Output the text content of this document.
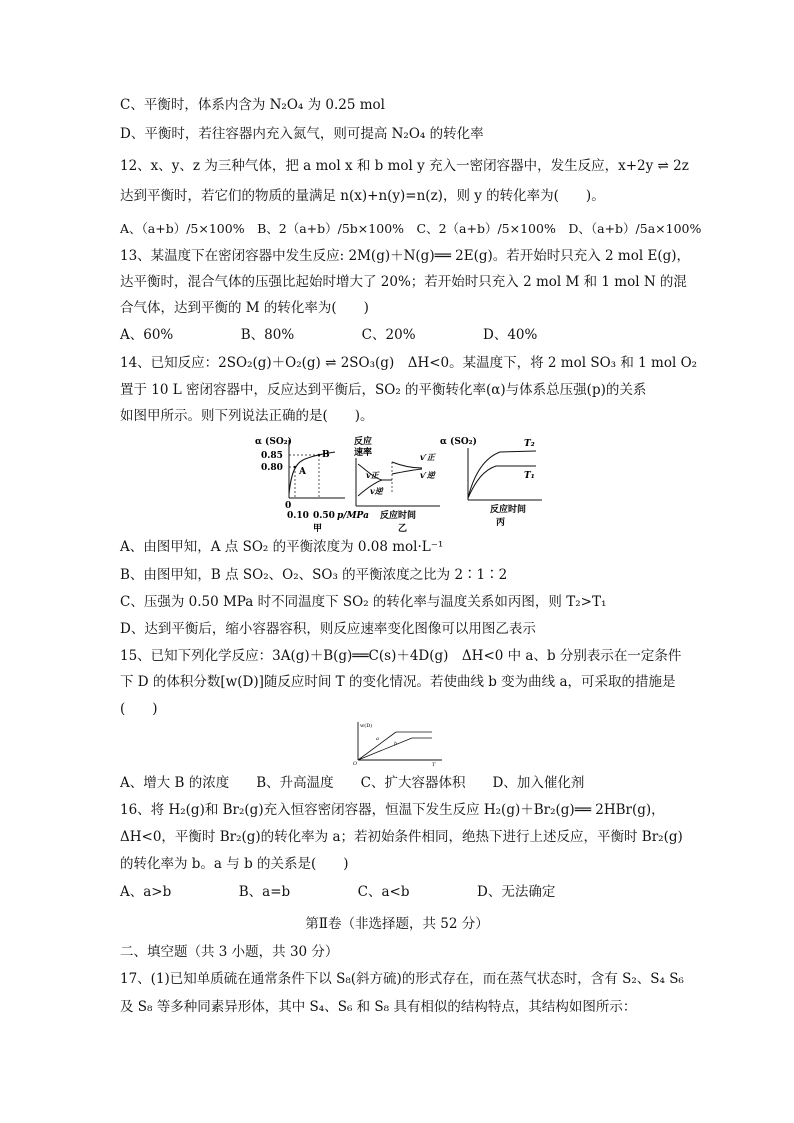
C、平衡时，体系内含为 N₂O₄ 为 0.25 mol
D、平衡时，若往容器内充入氮气，则可提高 N₂O₄ 的转化率
12、x、y、z 为三种气体，把 a mol x 和 b mol y 充入一密闭容器中，发生反应，x+2y ⇌ 2z
达到平衡时，若它们的物质的量满足 n(x)+n(y)=n(z)，则 y 的转化率为(　　)。
A、（a+b）/5×100%　B、2（a+b）/5b×100%　C、2（a+b）/5×100%　D、（a+b）/5a×100%
13、某温度下在密闭容器中发生反应: 2M(g)＋N(g)══ 2E(g)。若开始时只充入 2 mol E(g)，
达平衡时，混合气体的压强比起始时增大了 20%；若开始时只充入 2 mol M 和 1 mol N 的混
合气体，达到平衡的 M 的转化率为(　　)
A、60%　　　　　B、80%　　　　　C、20%　　　　　D、40%
14、已知反应：2SO₂(g)＋O₂(g) ⇌ 2SO₃(g)　ΔH<0。某温度下，将 2 mol SO₃ 和 1 mol O₂
置于 10 L 密闭容器中，反应达到平衡后，SO₂ 的平衡转化率(α)与体系总压强(p)的关系
如图甲所示。则下列说法正确的是(　　)。
α (SO₂)
0.85
0.80 A
B
0
0.10 0.50 p/MPa
甲
反应
速率	v′正
v′逆
v正
v逆
反应时间
乙
α (SO₂)	T₂
T₁
反应时间
丙
A、由图甲知，A 点 SO₂ 的平衡浓度为 0.08 mol·L⁻¹
B、由图甲知，B 点 SO₂、O₂、SO₃ 的平衡浓度之比为 2∶1∶2
C、压强为 0.50 MPa 时不同温度下 SO₂ 的转化率与温度关系如丙图，则 T₂>T₁
D、达到平衡后，缩小容器容积，则反应速率变化图像可以用图乙表示
15、已知下列化学反应：3A(g)＋B(g)══C(s)＋4D(g)　ΔH<0 中 a、b 分别表示在一定条件
下 D 的体积分数[w(D)]随反应时间 T 的变化情况。若使曲线 b 变为曲线 a，可采取的措施是
(　　)
w(D)
a
b
O	T
A、增大 B 的浓度　　B、升高温度　　C、扩大容器体积　　D、加入催化剂
16、将 H₂(g)和 Br₂(g)充入恒容密闭容器，恒温下发生反应 H₂(g)＋Br₂(g)══ 2HBr(g)，
ΔH<0，平衡时 Br₂(g)的转化率为 a；若初始条件相同，绝热下进行上述反应，平衡时 Br₂(g)
的转化率为 b。a 与 b 的关系是(　　)
A、a>b　　　　　B、a=b　　　　　C、a<b　　　　　D、无法确定
第Ⅱ卷（非选择题，共 52 分）
二、填空题（共 3 小题，共 30 分）
17、(1)已知单质硫在通常条件下以 S₈(斜方硫)的形式存在，而在蒸气状态时，含有 S₂、S₄ S₆
及 S₈ 等多种同素异形体，其中 S₄、S₆ 和 S₈ 具有相似的结构特点，其结构如图所示：
